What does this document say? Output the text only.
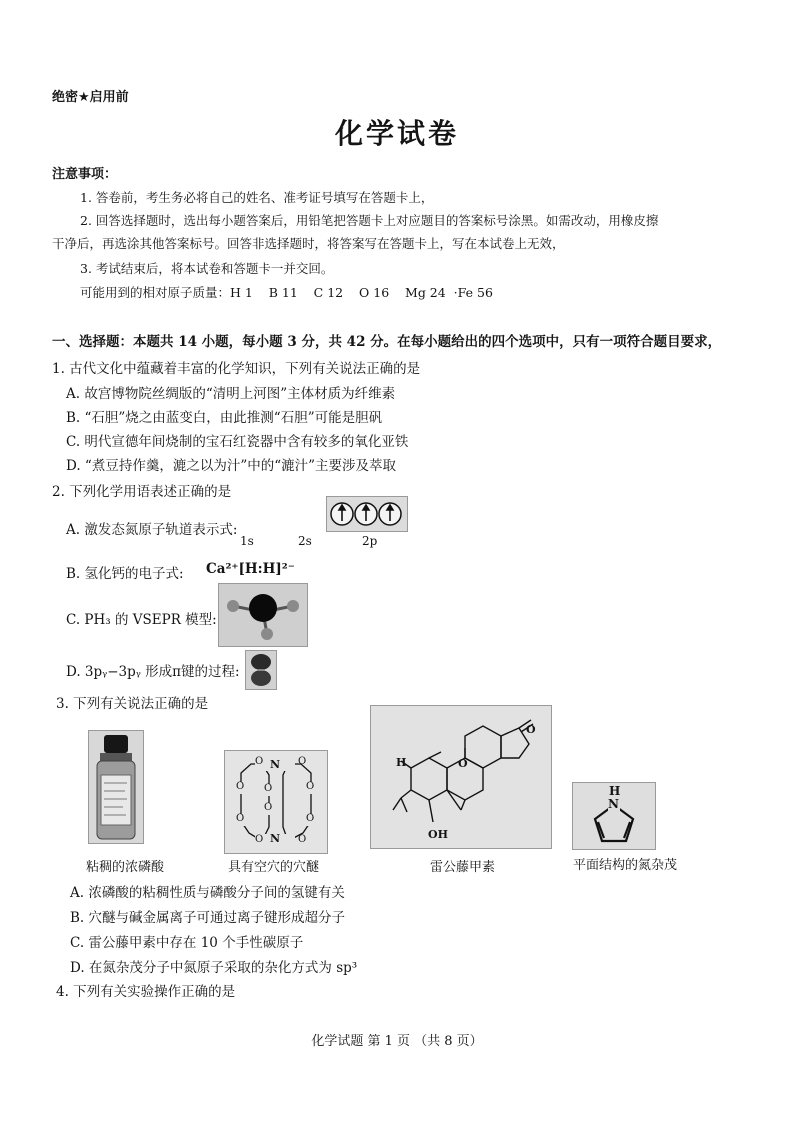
绝密★启用前
化学试卷
注意事项：
1. 答卷前，考生务必将自己的姓名、准考证号填写在答题卡上，
2. 回答选择题时，选出每小题答案后，用铅笔把答题卡上对应题目的答案标号涂黑。如需改动，用橡皮擦
干净后，再选涂其他答案标号。回答非选择题时，将答案写在答题卡上，写在本试卷上无效，
3. 考试结束后，将本试卷和答题卡一并交回。
可能用到的相对原子质量：H 1    B 11    C 12    O 16    Mg 24  ·Fe 56
一、选择题：本题共 14 小题，每小题 3 分，共 42 分。在每小题给出的四个选项中，只有一项符合题目要求，
1. 古代文化中蕴藏着丰富的化学知识，下列有关说法正确的是
A. 故宫博物院丝绸版的“清明上河图”主体材质为纤维素
B. “石胆”烧之由蓝变白，由此推测“石胆”可能是胆矾
C. 明代宣德年间烧制的宝石红瓷器中含有较多的氧化亚铁
D. “煮豆持作羹，漉之以为汁”中的“漉汁”主要涉及萃取
2. 下列化学用语表述正确的是
A. 激发态氮原子轨道表示式:
1s	2s	2p
B. 氢化钙的电子式: Ca²⁺[H:H]²⁻
C. PH₃ 的 VSEPR 模型:
D. 3pᵧ−3pᵧ 形成π键的过程:
3. 下列有关说法正确的是
粘稠的浓磷酸
N
N
O	O
O	O
O
O
O
O
O
O
具有空穴的穴醚
H	O
O
OH
雷公藤甲素
H
N
平面结构的氮杂茂
A. 浓磷酸的粘稠性质与磷酸分子间的氢键有关
B. 穴醚与碱金属离子可通过离子键形成超分子
C. 雷公藤甲素中存在 10 个手性碳原子
D. 在氮杂茂分子中氮原子采取的杂化方式为 sp³
4. 下列有关实验操作正确的是
化学试题 第 1 页 （共 8 页）
